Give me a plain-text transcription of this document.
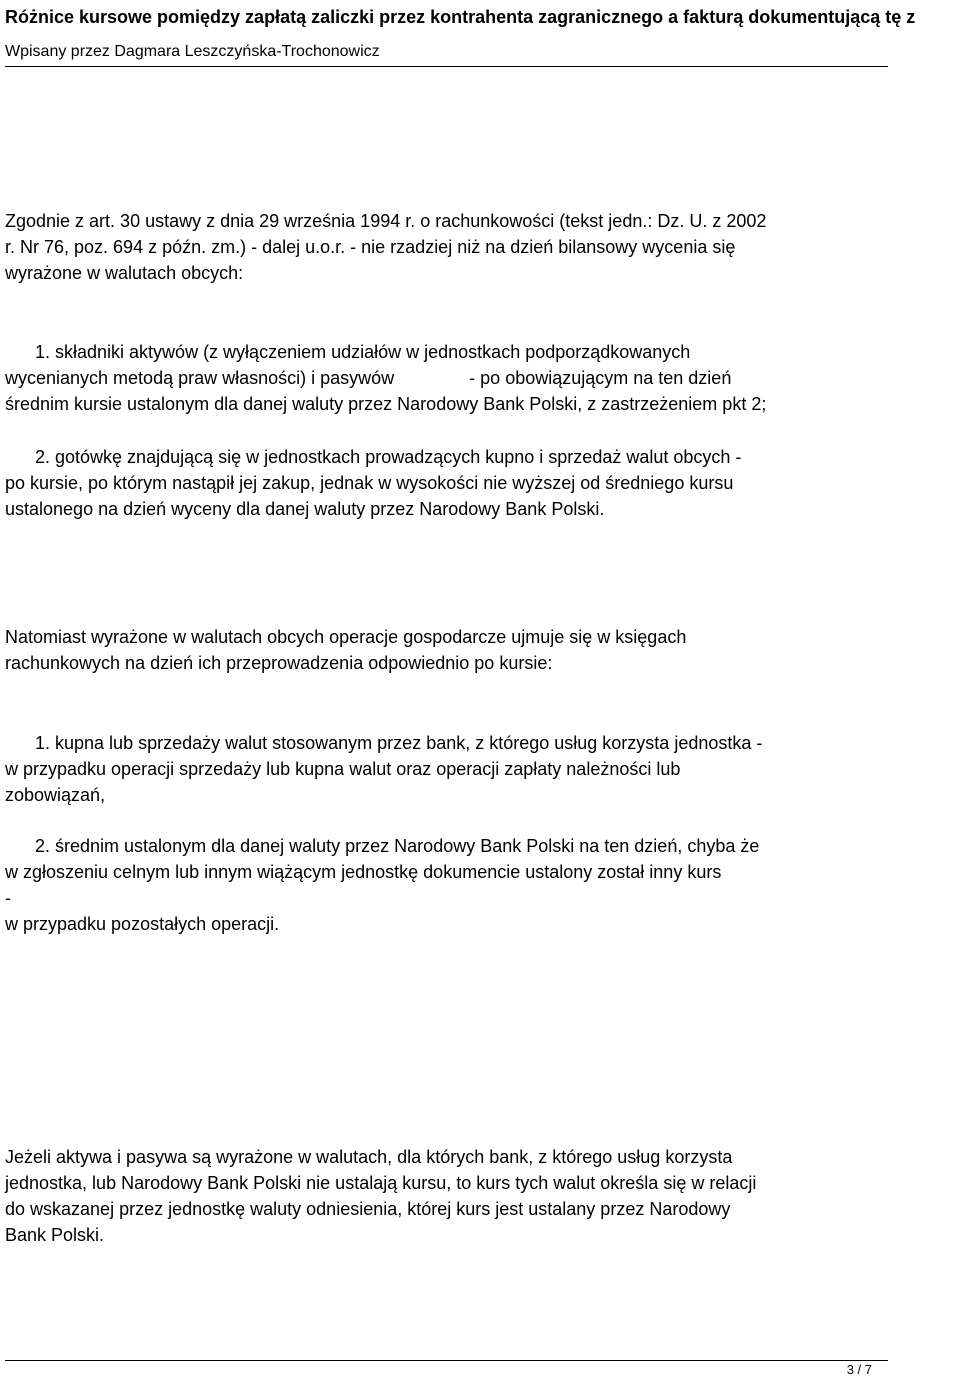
Różnice kursowe pomiędzy zapłatą zaliczki przez kontrahenta zagranicznego a fakturą dokumentującą tę z
Wpisany przez Dagmara Leszczyńska-Trochonowicz
Zgodnie z art. 30 ustawy z dnia 29 września 1994 r. o rachunkowości (tekst jedn.: Dz. U. z 2002
r. Nr 76, poz. 694 z późn. zm.) - dalej u.o.r. - nie rzadziej niż na dzień bilansowy wycenia się
wyrażone w walutach obcych:
1. składniki aktywów (z wyłączeniem udziałów w jednostkach podporządkowanych
wycenianych metodą praw własności) i pasywów	- po obowiązującym na ten dzień
średnim kursie ustalonym dla danej waluty przez Narodowy Bank Polski, z zastrzeżeniem pkt 2;
2. gotówkę znajdującą się w jednostkach prowadzących kupno i sprzedaż walut obcych -
po kursie, po którym nastąpił jej zakup, jednak w wysokości nie wyższej od średniego kursu
ustalonego na dzień wyceny dla danej waluty przez Narodowy Bank Polski.
Natomiast wyrażone w walutach obcych operacje gospodarcze ujmuje się w księgach
rachunkowych na dzień ich przeprowadzenia odpowiednio po kursie:
1. kupna lub sprzedaży walut stosowanym przez bank, z którego usług korzysta jednostka -
w przypadku operacji sprzedaży lub kupna walut oraz operacji zapłaty należności lub
zobowiązań,
2. średnim ustalonym dla danej waluty przez Narodowy Bank Polski na ten dzień, chyba że
w zgłoszeniu celnym lub innym wiążącym jednostkę dokumencie ustalony został inny kurs
-
w przypadku pozostałych operacji.
Jeżeli aktywa i pasywa są wyrażone w walutach, dla których bank, z którego usług korzysta
jednostka, lub Narodowy Bank Polski nie ustalają kursu, to kurs tych walut określa się w relacji
do wskazanej przez jednostkę waluty odniesienia, której kurs jest ustalany przez Narodowy
Bank Polski.
3 / 7
